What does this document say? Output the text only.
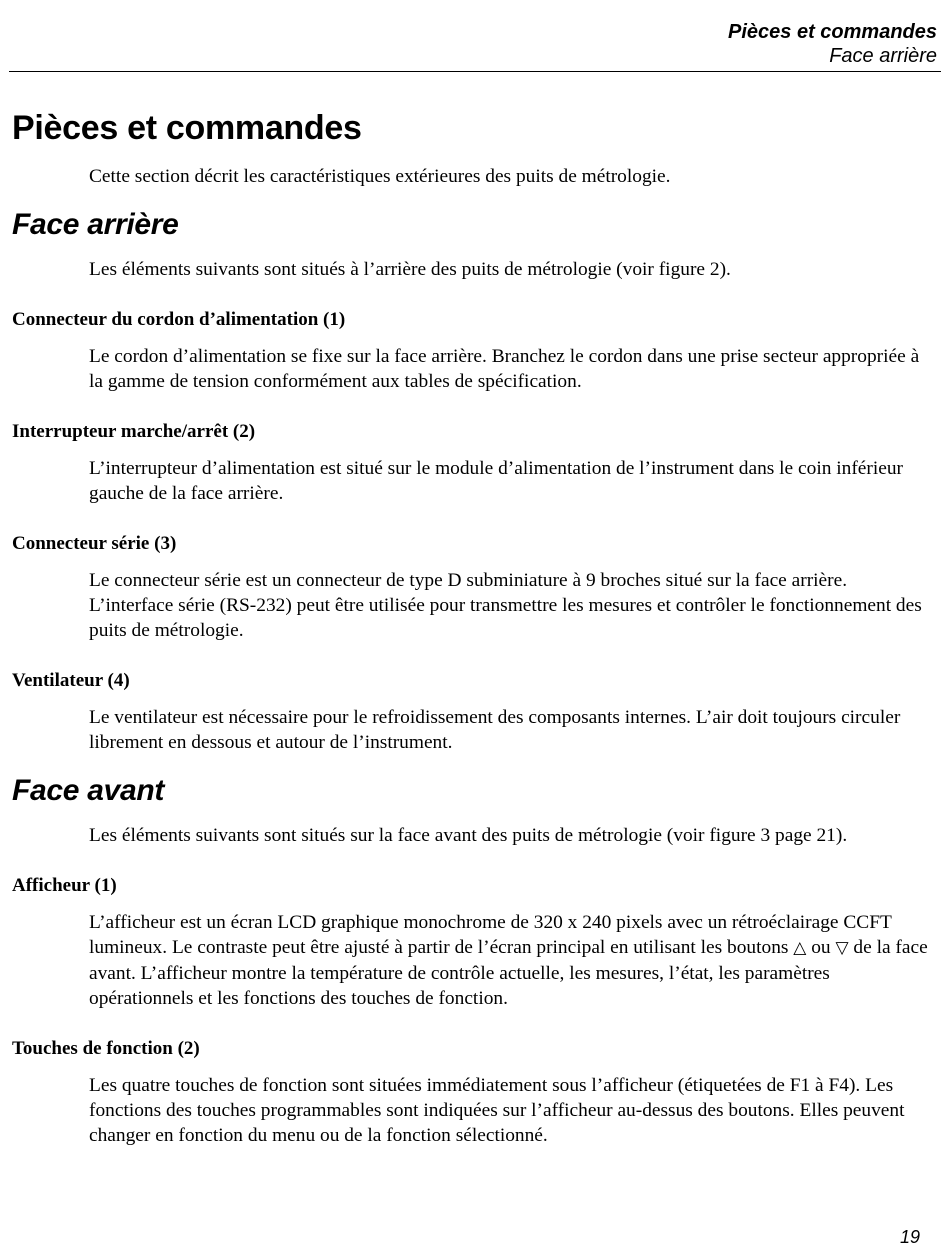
Pièces et commandes
Face arrière
Pièces et commandes

Cette section décrit les caractéristiques extérieures des puits de métrologie.

Face arrière

Les éléments suivants sont situés à l’arrière des puits de métrologie (voir figure 2).

Connecteur du cordon d’alimentation (1)

Le cordon d’alimentation se fixe sur la face arrière. Branchez le cordon dans une prise secteur appropriée à la gamme de tension conformément aux tables de spécification.

Interrupteur marche/arrêt (2)

L’interrupteur d’alimentation est situé sur le module d’alimentation de l’instrument dans le coin inférieur gauche de la face arrière.

Connecteur série (3)

Le connecteur série est un connecteur de type D subminiature à 9 broches situé sur la face arrière. L’interface série (RS-232) peut être utilisée pour transmettre les mesures et contrôler le fonctionnement des puits de métrologie.

Ventilateur (4)

Le ventilateur est nécessaire pour le refroidissement des composants internes. L’air doit toujours circuler librement en dessous et autour de l’instrument.

Face avant

Les éléments suivants sont situés sur la face avant des puits de métrologie (voir figure 3 page 21).

Afficheur (1)

L’afficheur est un écran LCD graphique monochrome de 320 x 240 pixels avec un rétroéclairage CCFT lumineux. Le contraste peut être ajusté à partir de l’écran principal en utilisant les boutons △ ou ▽ de la face avant. L’afficheur montre la température de contrôle actuelle, les mesures, l’état, les paramètres opérationnels et les fonctions des touches de fonction.

Touches de fonction (2)

Les quatre touches de fonction sont situées immédiatement sous l’afficheur (étiquetées de F1 à F4). Les fonctions des touches programmables sont indiquées sur l’afficheur au-dessus des boutons. Elles peuvent changer en fonction du menu ou de la fonction sélectionné.

19
